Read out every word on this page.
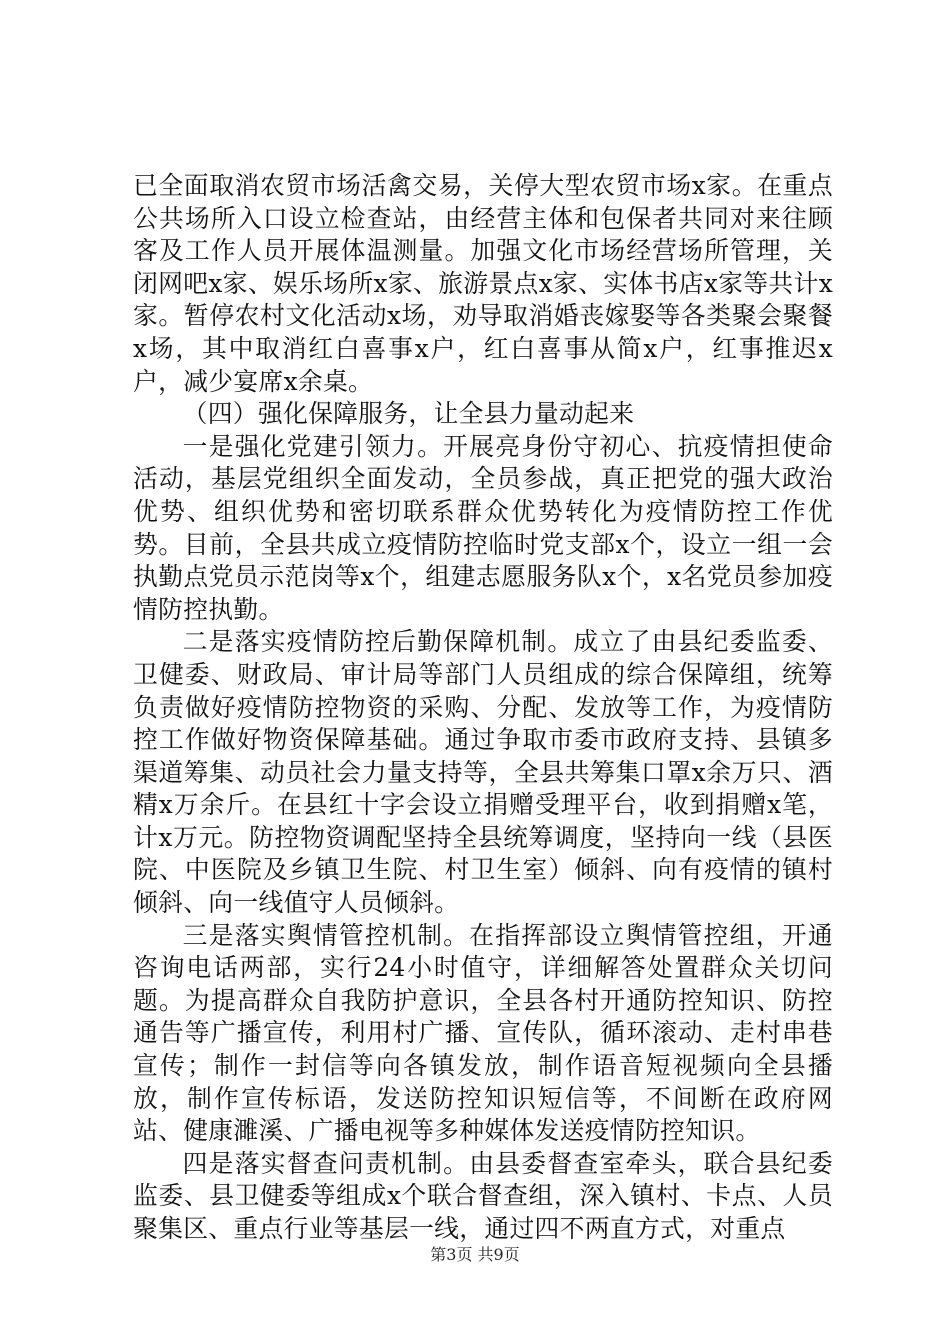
已全面取消农贸市场活禽交易，关停大型农贸市场x家。在重点公共场所入口设立检查站，由经营主体和包保者共同对来往顾客及工作人员开展体温测量。加强文化市场经营场所管理，关闭网吧x家、娱乐场所x家、旅游景点x家、实体书店x家等共计x家。暂停农村文化活动x场，劝导取消婚丧嫁娶等各类聚会聚餐x场，其中取消红白喜事x户，红白喜事从简x户，红事推迟x户，减少宴席x余桌。

（四）强化保障服务，让全县力量动起来

一是强化党建引领力。开展亮身份守初心、抗疫情担使命活动，基层党组织全面发动，全员参战，真正把党的强大政治优势、组织优势和密切联系群众优势转化为疫情防控工作优势。目前，全县共成立疫情防控临时党支部x个，设立一组一会执勤点党员示范岗等x个，组建志愿服务队x个，x名党员参加疫情防控执勤。

二是落实疫情防控后勤保障机制。成立了由县纪委监委、卫健委、财政局、审计局等部门人员组成的综合保障组，统筹负责做好疫情防控物资的采购、分配、发放等工作，为疫情防控工作做好物资保障基础。通过争取市委市政府支持、县镇多渠道筹集、动员社会力量支持等，全县共筹集口罩x余万只、酒精x万余斤。在县红十字会设立捐赠受理平台，收到捐赠x笔，计x万元。防控物资调配坚持全县统筹调度，坚持向一线（县医院、中医院及乡镇卫生院、村卫生室）倾斜、向有疫情的镇村倾斜、向一线值守人员倾斜。

三是落实舆情管控机制。在指挥部设立舆情管控组，开通咨询电话两部，实行24小时值守，详细解答处置群众关切问题。为提高群众自我防护意识，全县各村开通防控知识、防控通告等广播宣传，利用村广播、宣传队，循环滚动、走村串巷宣传；制作一封信等向各镇发放，制作语音短视频向全县播放，制作宣传标语，发送防控知识短信等，不间断在政府网站、健康濉溪、广播电视等多种媒体发送疫情防控知识。

四是落实督查问责机制。由县委督查室牵头，联合县纪委监委、县卫健委等组成x个联合督查组，深入镇村、卡点、人员聚集区、重点行业等基层一线，通过四不两直方式，对重点

第3页 共9页
